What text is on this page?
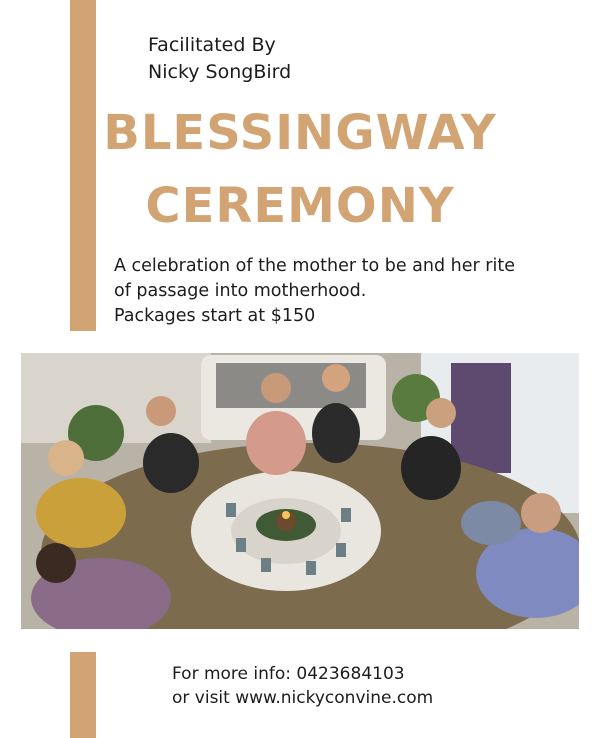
Facilitated By
Nicky SongBird
BLESSINGWAY
CEREMONY
A celebration of the mother to be and her rite
of passage into motherhood.
Packages start at $150
For more info: 0423684103
or visit www.nickyconvine.com
